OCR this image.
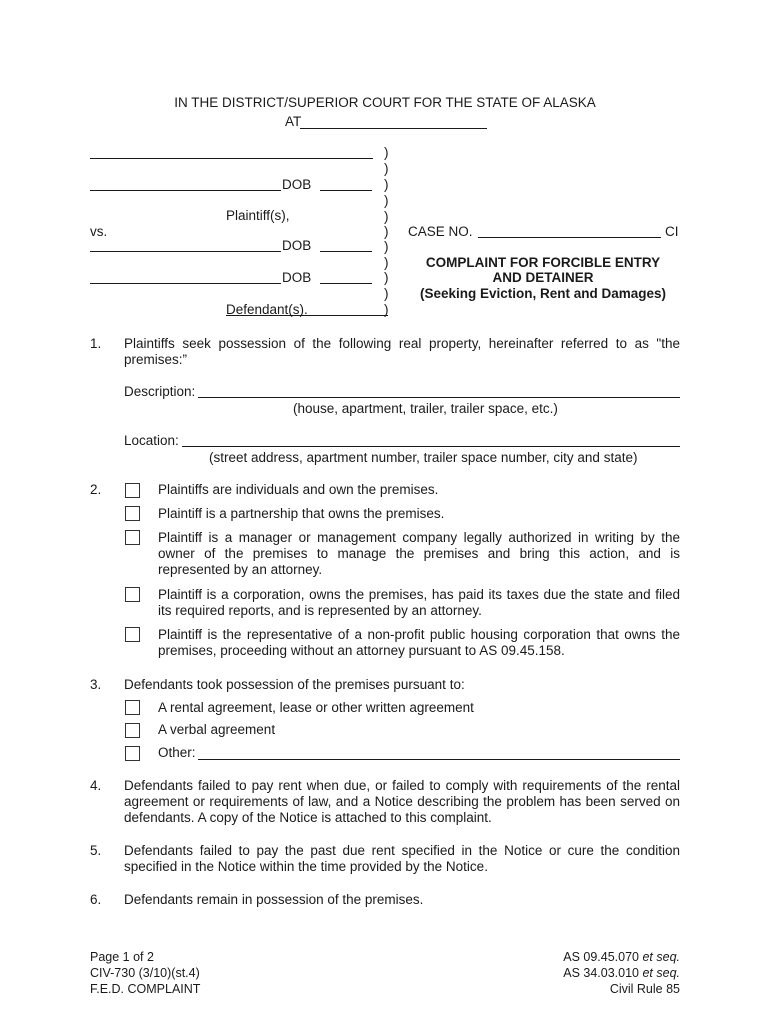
IN THE DISTRICT/SUPERIOR COURT FOR THE STATE OF ALASKA
AT
DOB
Plaintiff(s),
vs.
DOB
DOB
Defendant(s).
)
)
)
)
)
)
)
)
)
)
)
CASE NO.	CI
COMPLAINT FOR FORCIBLE ENTRY
AND DETAINER
(Seeking Eviction, Rent and Damages)
1. Plaintiffs seek possession of the following real property, hereinafter referred to as "the premises:”
Description:
(house, apartment, trailer, trailer space, etc.)
Location:
(street address, apartment number, trailer space number, city and state)
2.	Plaintiffs are individuals and own the premises.
Plaintiff is a partnership that owns the premises.
Plaintiff is a manager or management company legally authorized in writing by the owner of the premises to manage the premises and bring this action, and is represented by an attorney.
Plaintiff is a corporation, owns the premises, has paid its taxes due the state and filed its required reports, and is represented by an attorney.
Plaintiff is the representative of a non-profit public housing corporation that owns the premises, proceeding without an attorney pursuant to AS 09.45.158.
3. Defendants took possession of the premises pursuant to:
A rental agreement, lease or other written agreement
A verbal agreement
Other:
4. Defendants failed to pay rent when due, or failed to comply with requirements of the rental agreement or requirements of law, and a Notice describing the problem has been served on defendants. A copy of the Notice is attached to this complaint.
5. Defendants failed to pay the past due rent specified in the Notice or cure the condition specified in the Notice within the time provided by the Notice.
6. Defendants remain in possession of the premises.
Page 1 of 2
CIV-730 (3/10)(st.4)
F.E.D. COMPLAINT
AS 09.45.070 et seq.
AS 34.03.010 et seq.
Civil Rule 85
